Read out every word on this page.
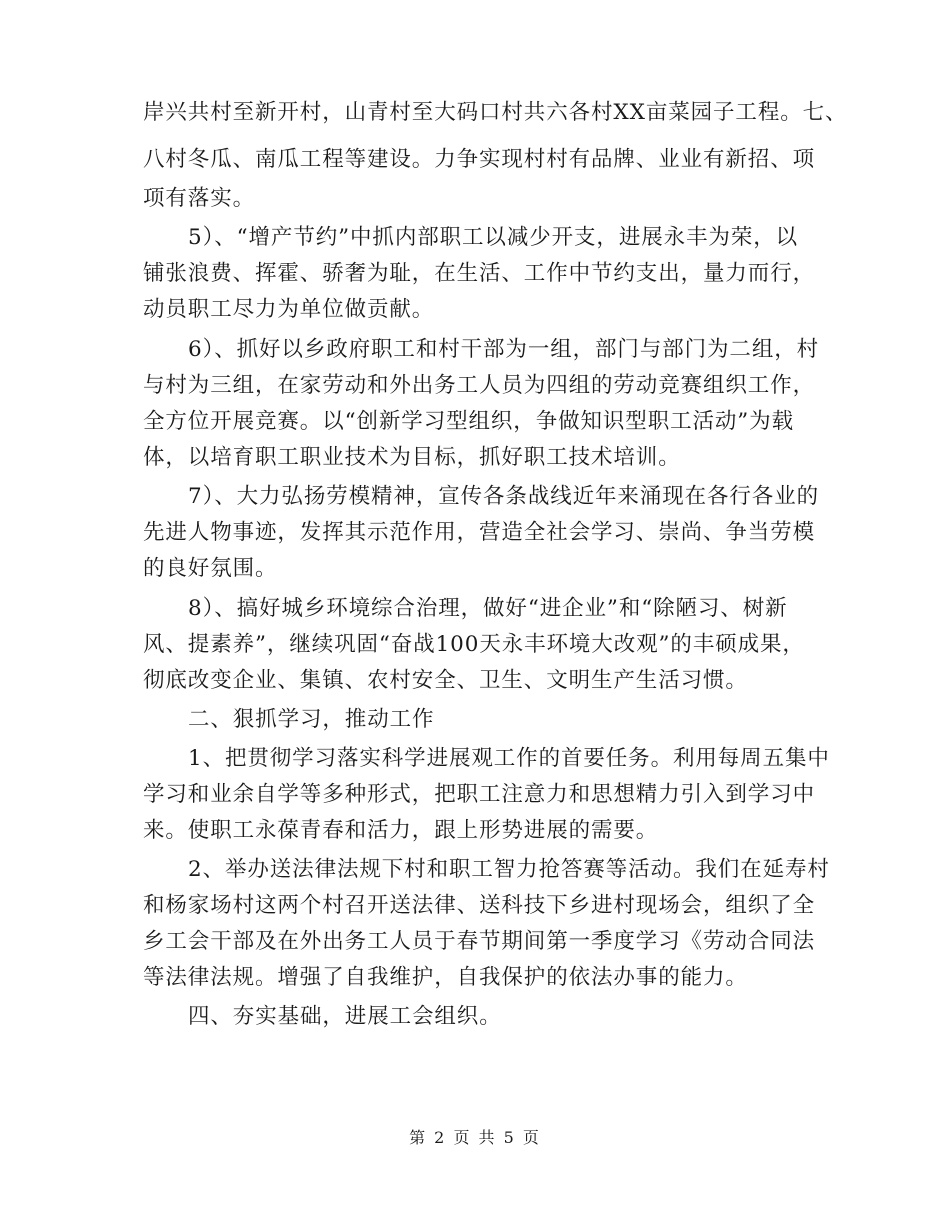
岸兴共村至新开村，山青村至大码口村共六各村XX亩菜园子工程。七、
八村冬瓜、南瓜工程等建设。力争实现村村有品牌、业业有新招、项
项有落实。
5）、“增产节约”中抓内部职工以减少开支，进展永丰为荣，以
铺张浪费、挥霍、骄奢为耻，在生活、工作中节约支出，量力而行，
动员职工尽力为单位做贡献。
6）、抓好以乡政府职工和村干部为一组，部门与部门为二组，村
与村为三组，在家劳动和外出务工人员为四组的劳动竞赛组织工作，
全方位开展竞赛。以“创新学习型组织，争做知识型职工活动”为载
体，以培育职工职业技术为目标，抓好职工技术培训。
7）、大力弘扬劳模精神，宣传各条战线近年来涌现在各行各业的
先进人物事迹，发挥其示范作用，营造全社会学习、崇尚、争当劳模
的良好氛围。
8）、搞好城乡环境综合治理，做好“进企业”和“除陋习、树新
风、提素养”，继续巩固“奋战100天永丰环境大改观”的丰硕成果，
彻底改变企业、集镇、农村安全、卫生、文明生产生活习惯。
二、狠抓学习，推动工作
1、把贯彻学习落实科学进展观工作的首要任务。利用每周五集中
学习和业余自学等多种形式，把职工注意力和思想精力引入到学习中
来。使职工永葆青春和活力，跟上形势进展的需要。
2、举办送法律法规下村和职工智力抢答赛等活动。我们在延寿村
和杨家场村这两个村召开送法律、送科技下乡进村现场会，组织了全
乡工会干部及在外出务工人员于春节期间第一季度学习《劳动合同法
等法律法规。增强了自我维护，自我保护的依法办事的能力。
四、夯实基础，进展工会组织。
第 2 页 共 5 页
